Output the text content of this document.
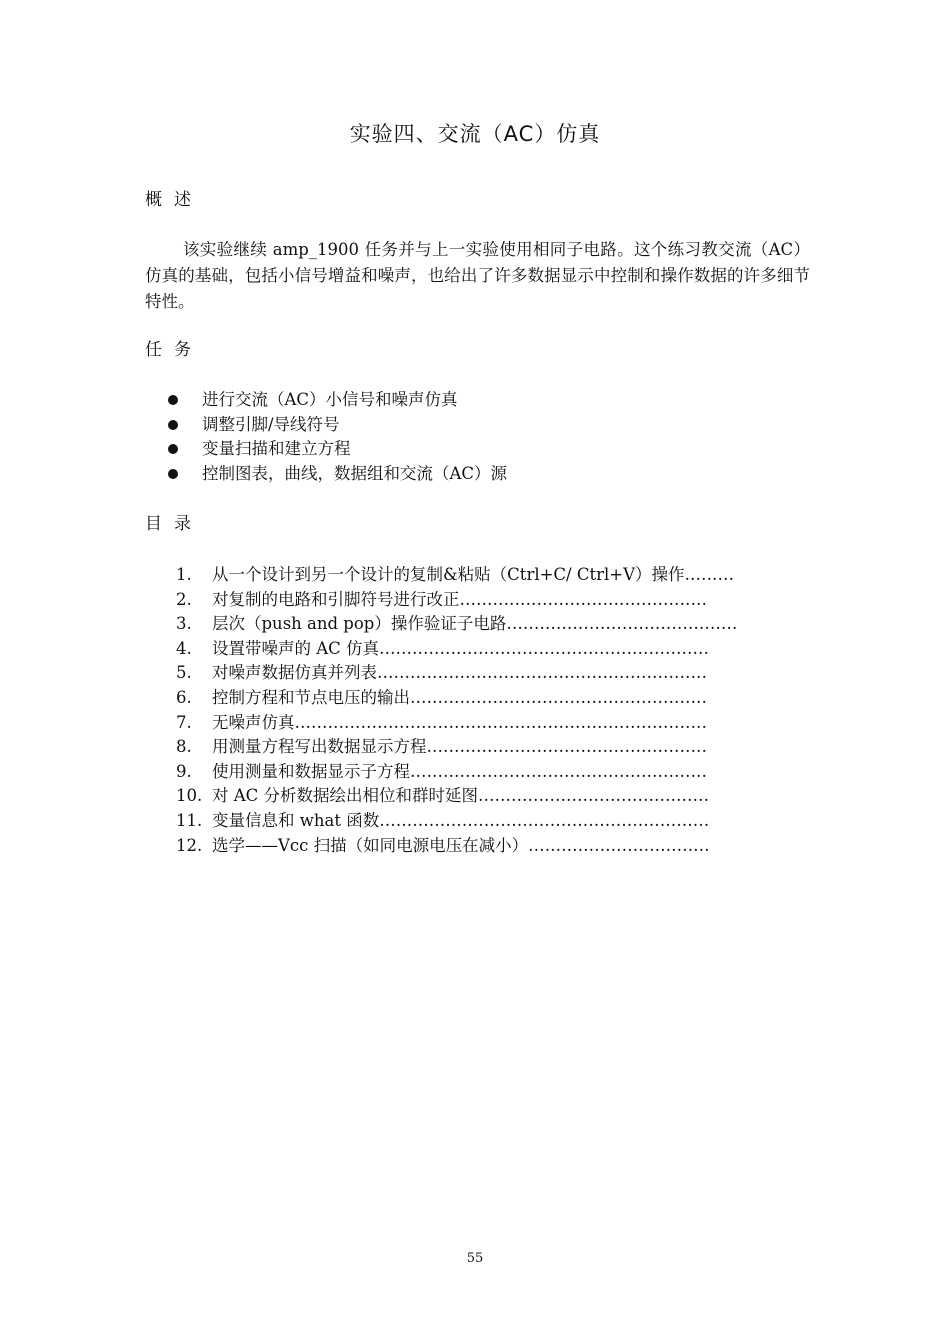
实验四、交流（AC）仿真
概述
该实验继续 amp_1900 任务并与上一实验使用相同子电路。这个练习教交流（AC）仿真的基础，包括小信号增益和噪声，也给出了许多数据显示中控制和操作数据的许多细节特性。
任务
进行交流（AC）小信号和噪声仿真
调整引脚/导线符号
变量扫描和建立方程
控制图表，曲线，数据组和交流（AC）源
目录
1. 从一个设计到另一个设计的复制&粘贴（Ctrl+C/ Ctrl+V）操作………
2. 对复制的电路和引脚符号进行改正………………………………………
3. 层次（push and pop）操作验证子电路……………………………………
4. 设置带噪声的 AC 仿真……………………………………………………
5. 对噪声数据仿真并列表……………………………………………………
6. 控制方程和节点电压的输出………………………………………………
7. 无噪声仿真…………………………………………………………………
8. 用测量方程写出数据显示方程……………………………………………
9. 使用测量和数据显示子方程………………………………………………
10. 对 AC 分析数据绘出相位和群时延图……………………………………
11. 变量信息和 what 函数……………………………………………………
12. 选学——Vcc 扫描（如同电源电压在减小）……………………………
55
